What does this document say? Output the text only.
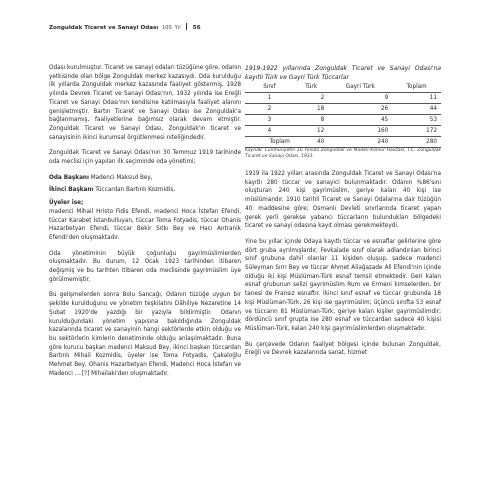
Zonguldak Ticaret ve Sanayi Odası 100. Yıl 56

Odası kurulmuştur. Ticaret ve sanayi odaları tüzüğüne göre, odanın yetkisinde olan bölge Zonguldak merkez kazasıydı. Oda kurulduğu ilk yıllarda Zonguldak merkez kazasında faaliyet göstermiş, 1928 yılında Devrek Ticaret ve Sanayi Odası'nın, 1932 yılında ise Ereğli Ticaret ve Sanayi Odası'nın kendisine katılmasıyla faaliyet alanını genişletmiştir. Bartın Ticaret ve Sanayi Odası ise Zonguldak'a bağlanmamış, faaliyetlerine bağımsız olarak devam etmiştir. Zonguldak Ticaret ve Sanayi Odası, Zonguldak'ın ticaret ve sanayisinin ikinci kurumsal örgütlenmesi niteliğindedir.

Zonguldak Ticaret ve Sanayi Odası'nın 30 Temmuz 1919 tarihinde oda meclisi için yapılan ilk seçiminde oda yönetimi;

Oda Başkanı Madenci Maksud Bey,

İkinci Başkanı Tüccardan Bartınlı Kozmidis,

Üyeler ise;

madenci Mihail Hristo Fidis Efendi, madenci Hoca İstefan Efendi, tüccar Karabet İstanbulluyan, tüccar Toma Fotyadis, tüccar Ohanis Hazarbetyan Efendi, tüccar Bekir Sıtkı Bey ve Hacı Antranik Efendi'den oluşmaktadır.

Oda yönetiminin büyük çoğunluğu gayrimüslimlerden oluşmaktadır. Bu durum, 12 Ocak 1923 tarihinden itibaren değişmiş ve bu tarihten itibaren oda meclisinde gayrimüslim üye görülmemiştir.

Bu gelişmelerden sonra Bolu Sancağı, Odanın tüzüğe uygun bir şekilde kurulduğunu ve yönetim teşkilatını Dâhiliye Nezaretine 14 Şubat 1920'de yazdığı bir yazıyla bildirmiştir. Odanın kurulduğundaki yönetim yapısına bakıldığında Zonguldak kazalarında ticaret ve sanayinin hangi sektörlerde etkin olduğu ve bu sektörlerin kimlerin denetiminde olduğu anlaşılmaktadır. Buna göre kurucu başkan madenci Maksud Bey, ikinci başkan tüccardan Bartınlı Mihail Kozmidis, üyeler ise Toma Fotyadis, Çakaloğlu Mehmet Bey, Ohanis Hazarbetyan Efendi, Madenci Hoca İstefan ve Madenci ....[?] Mihailaki'den oluşmaktadır.

1919-1922 yıllarında Zonguldak Ticaret ve Sanayi Odası'na kayıtlı Türk ve Gayri Türk Tüccarlar

Sınıf	Türk	Gayri Türk	Toplam
1	2	9	11
2	18	26	44
3	8	45	53
4	12	160	172
Toplam	40	240	280

Kaynak: Cumhuriyetin 10 Yılında Zonguldak ve Maden Kömür Havzası, T.C. Zonguldak Ticaret ve Sanayi Odası, 1933.

1919 ila 1922 yılları arasında Zonguldak Ticaret ve Sanayi Odası'na kayıtlı 280 tüccar ve sanayici bulunmaktadır. Odanın %86'sını oluşturan 240 kişi gayrimüslim, geriye kalan 40 kişi ise müslümandır. 1910 tarihli Ticaret ve Sanayi Odalarına dair tüzüğün 40. maddesine göre; Osmanlı Devleti sınırlarında ticaret yapan gerek yerli gerekse yabancı tüccarların bulundukları bölgedeki ticaret ve sanayi odasına kayıt olması gerekmekteydi.

Yine bu yıllar içinde Odaya kayıtlı tüccar ve esnaflar gelirlerine göre dört gruba ayrılmışlardır. Fevkalade sınıf olarak adlandırılan birinci sınıf grubuna dahil olanlar 11 kişiden oluşup, sadece madenci Süleyman Sırrı Bey ve tüccar Ahmet Aliağazade Ali Efendi'nin içinde olduğu iki kişi Müslüman-Türk esnaf temsil etmektedir. Geri kalan esnaf grubunun selizi gayrimüslim Rum ve Ermeni kimselerden, bir tanesi de Fransız esnaftır. İkinci sınıf esnaf ve tüccar grubunda 18 kişi Müslüman-Türk, 26 kişi ise gayrimüslim; üçüncü sınıfta 53 esnaf ve tüccarın 81 Müslüman-Türk, geriye kalan kişiler gayrimüslimdir; dördüncü sınıf grupta ise 280 esnaf ve tüccardan sadece 40 kişisi Müslüman-Türk, kalan 240 kişi gayrimüslimlerden oluşmaktadır.

Bu çerçevede Odanın faaliyet bölgesi içinde bulunan Zonguldak, Ereğli ve Devrek kazalarında sanat, hizmet
